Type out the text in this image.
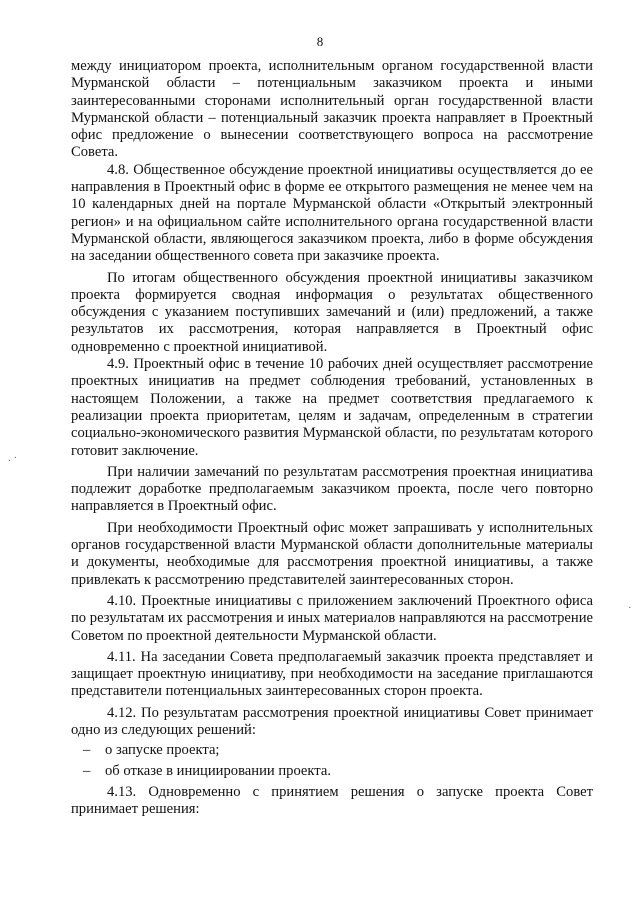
8
. ·
·

между инициатором проекта, исполнительным органом государственной власти Мурманской области – потенциальным заказчиком проекта и иными заинтересованными сторонами исполнительный орган государственной власти Мурманской области – потенциальный заказчик проекта направляет в Проектный офис предложение о вынесении соответствующего вопроса на рассмотрение Совета.

4.8. Общественное обсуждение проектной инициативы осуществляется до ее направления в Проектный офис в форме ее открытого размещения не менее чем на 10 календарных дней на портале Мурманской области «Открытый электронный регион» и на официальном сайте исполнительного органа государственной власти Мурманской области, являющегося заказчиком проекта, либо в форме обсуждения на заседании общественного совета при заказчике проекта.

По итогам общественного обсуждения проектной инициативы заказчиком проекта формируется сводная информация о результатах общественного обсуждения с указанием поступивших замечаний и (или) предложений, а также результатов их рассмотрения, которая направляется в Проектный офис одновременно с проектной инициативой.

4.9. Проектный офис в течение 10 рабочих дней осуществляет рассмотрение проектных инициатив на предмет соблюдения требований, установленных в настоящем Положении, а также на предмет соответствия предлагаемого к реализации проекта приоритетам, целям и задачам, определенным в стратегии социально-экономического развития Мурманской области, по результатам которого готовит заключение.

При наличии замечаний по результатам рассмотрения проектная инициатива подлежит доработке предполагаемым заказчиком проекта, после чего повторно направляется в Проектный офис.

При необходимости Проектный офис может запрашивать у исполнительных органов государственной власти Мурманской области дополнительные материалы и документы, необходимые для рассмотрения проектной инициативы, а также привлекать к рассмотрению представителей заинтересованных сторон.

4.10. Проектные инициативы с приложением заключений Проектного офиса по результатам их рассмотрения и иных материалов направляются на рассмотрение Советом по проектной деятельности Мурманской области.

4.11. На заседании Совета предполагаемый заказчик проекта представляет и защищает проектную инициативу, при необходимости на заседание приглашаются представители потенциальных заинтересованных сторон проекта.

4.12. По результатам рассмотрения проектной инициативы Совет принимает одно из следующих решений:

– о запуске проекта;

– об отказе в инициировании проекта.

4.13. Одновременно с принятием решения о запуске проекта Совет принимает решения:
